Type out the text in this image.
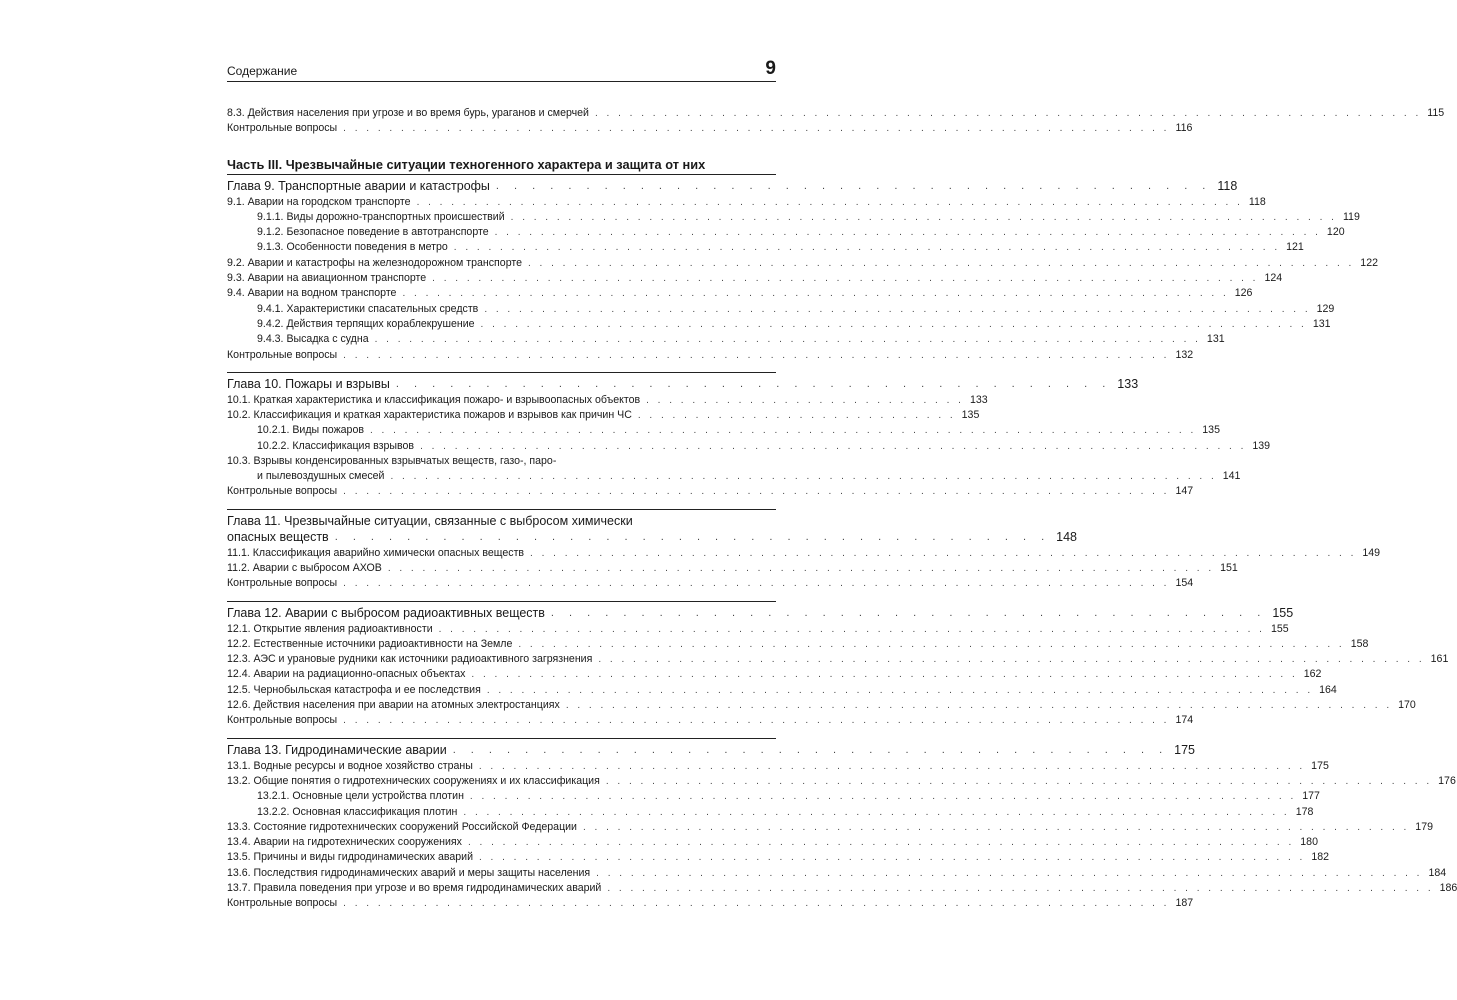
Содержание	9
8.3. Действия населения при угрозе и во время бурь, ураганов и смерчей . . . . . . . . . . . . . . . . . . . . . . . . . . . . . . . . . . . . . . . . . . . . . . . . . . . . . . . . . . . . . . . . . . . . . . . . 115
Контрольные вопросы . . . . . . . . . . . . . . . . . . . . . . . . . . . . . . . . . . . . . . . . . . . . . . . . . . . . . . . . . . . . . . . . . . . . . . . . 116
Часть III. Чрезвычайные ситуации техногенного характера и защита от них
Глава 9. Транспортные аварии и катастрофы . . . . . . . . . . . . . . . . . . . . . . . . . . . . . . . . . . . . . . . . 118
9.1. Аварии на городском транспорте . . . . . . . . . . . . . . . . . . . . . . . . . . . . . . . . . . . . . . . . . . . . . . . . . . . . . . . . . . . . . . . . . . . . . . . . 118
9.1.1. Виды дорожно-транспортных происшествий . . . . . . . . . . . . . . . . . . . . . . . . . . . . . . . . . . . . . . . . . . . . . . . . . . . . . . . . . . . . . . . . . . . . . . . . 119
9.1.2. Безопасное поведение в автотранспорте . . . . . . . . . . . . . . . . . . . . . . . . . . . . . . . . . . . . . . . . . . . . . . . . . . . . . . . . . . . . . . . . . . . . . . . . 120
9.1.3. Особенности поведения в метро . . . . . . . . . . . . . . . . . . . . . . . . . . . . . . . . . . . . . . . . . . . . . . . . . . . . . . . . . . . . . . . . . . . . . . . . 121
9.2. Аварии и катастрофы на железнодорожном транспорте . . . . . . . . . . . . . . . . . . . . . . . . . . . . . . . . . . . . . . . . . . . . . . . . . . . . . . . . . . . . . . . . . . . . . . . . 122
9.3. Аварии на авиационном транспорте . . . . . . . . . . . . . . . . . . . . . . . . . . . . . . . . . . . . . . . . . . . . . . . . . . . . . . . . . . . . . . . . . . . . . . . . 124
9.4. Аварии на водном транспорте . . . . . . . . . . . . . . . . . . . . . . . . . . . . . . . . . . . . . . . . . . . . . . . . . . . . . . . . . . . . . . . . . . . . . . . . 126
9.4.1. Характеристики спасательных средств . . . . . . . . . . . . . . . . . . . . . . . . . . . . . . . . . . . . . . . . . . . . . . . . . . . . . . . . . . . . . . . . . . . . . . . . 129
9.4.2. Действия терпящих кораблекрушение . . . . . . . . . . . . . . . . . . . . . . . . . . . . . . . . . . . . . . . . . . . . . . . . . . . . . . . . . . . . . . . . . . . . . . . . 131
9.4.3. Высадка с судна . . . . . . . . . . . . . . . . . . . . . . . . . . . . . . . . . . . . . . . . . . . . . . . . . . . . . . . . . . . . . . . . . . . . . . . . 131
Контрольные вопросы . . . . . . . . . . . . . . . . . . . . . . . . . . . . . . . . . . . . . . . . . . . . . . . . . . . . . . . . . . . . . . . . . . . . . . . . 132
Глава 10. Пожары и взрывы . . . . . . . . . . . . . . . . . . . . . . . . . . . . . . . . . . . . . . . . 133
10.1. Краткая характеристика и классификация пожаро- и взрывоопасных объектов . . . . . . . . . . . . . . . . . . . . . . . . . . . . 133
10.2. Классификация и краткая характеристика пожаров и взрывов как причин ЧС . . . . . . . . . . . . . . . . . . . . . . . . . . . . 135
10.2.1. Виды пожаров . . . . . . . . . . . . . . . . . . . . . . . . . . . . . . . . . . . . . . . . . . . . . . . . . . . . . . . . . . . . . . . . . . . . . . . . 135
10.2.2. Классификация взрывов . . . . . . . . . . . . . . . . . . . . . . . . . . . . . . . . . . . . . . . . . . . . . . . . . . . . . . . . . . . . . . . . . . . . . . . . 139
10.3. Взрывы конденсированных взрывчатых веществ, газо-, паро-
и пылевоздушных смесей . . . . . . . . . . . . . . . . . . . . . . . . . . . . . . . . . . . . . . . . . . . . . . . . . . . . . . . . . . . . . . . . . . . . . . . . 141
Контрольные вопросы . . . . . . . . . . . . . . . . . . . . . . . . . . . . . . . . . . . . . . . . . . . . . . . . . . . . . . . . . . . . . . . . . . . . . . . . 147
Глава 11. Чрезвычайные ситуации, связанные с выбросом химически
опасных веществ . . . . . . . . . . . . . . . . . . . . . . . . . . . . . . . . . . . . . . . . 148
11.1. Классификация аварийно химически опасных веществ . . . . . . . . . . . . . . . . . . . . . . . . . . . . . . . . . . . . . . . . . . . . . . . . . . . . . . . . . . . . . . . . . . . . . . . . 149
11.2. Аварии с выбросом АХОВ . . . . . . . . . . . . . . . . . . . . . . . . . . . . . . . . . . . . . . . . . . . . . . . . . . . . . . . . . . . . . . . . . . . . . . . . 151
Контрольные вопросы . . . . . . . . . . . . . . . . . . . . . . . . . . . . . . . . . . . . . . . . . . . . . . . . . . . . . . . . . . . . . . . . . . . . . . . . 154
Глава 12. Аварии с выбросом радиоактивных веществ . . . . . . . . . . . . . . . . . . . . . . . . . . . . . . . . . . . . . . . . 155
12.1. Открытие явления радиоактивности . . . . . . . . . . . . . . . . . . . . . . . . . . . . . . . . . . . . . . . . . . . . . . . . . . . . . . . . . . . . . . . . . . . . . . . . 155
12.2. Естественные источники радиоактивности на Земле . . . . . . . . . . . . . . . . . . . . . . . . . . . . . . . . . . . . . . . . . . . . . . . . . . . . . . . . . . . . . . . . . . . . . . . . 158
12.3. АЭС и урановые рудники как источники радиоактивного загрязнения . . . . . . . . . . . . . . . . . . . . . . . . . . . . . . . . . . . . . . . . . . . . . . . . . . . . . . . . . . . . . . . . . . . . . . . . 161
12.4. Аварии на радиационно-опасных объектах . . . . . . . . . . . . . . . . . . . . . . . . . . . . . . . . . . . . . . . . . . . . . . . . . . . . . . . . . . . . . . . . . . . . . . . . 162
12.5. Чернобыльская катастрофа и ее последствия . . . . . . . . . . . . . . . . . . . . . . . . . . . . . . . . . . . . . . . . . . . . . . . . . . . . . . . . . . . . . . . . . . . . . . . . 164
12.6. Действия населения при аварии на атомных электростанциях . . . . . . . . . . . . . . . . . . . . . . . . . . . . . . . . . . . . . . . . . . . . . . . . . . . . . . . . . . . . . . . . . . . . . . . . 170
Контрольные вопросы . . . . . . . . . . . . . . . . . . . . . . . . . . . . . . . . . . . . . . . . . . . . . . . . . . . . . . . . . . . . . . . . . . . . . . . . 174
Глава 13. Гидродинамические аварии . . . . . . . . . . . . . . . . . . . . . . . . . . . . . . . . . . . . . . . . 175
13.1. Водные ресурсы и водное хозяйство страны . . . . . . . . . . . . . . . . . . . . . . . . . . . . . . . . . . . . . . . . . . . . . . . . . . . . . . . . . . . . . . . . . . . . . . . . 175
13.2. Общие понятия о гидротехнических сооружениях и их классификация . . . . . . . . . . . . . . . . . . . . . . . . . . . . . . . . . . . . . . . . . . . . . . . . . . . . . . . . . . . . . . . . . . . . . . . . 176
13.2.1. Основные цели устройства плотин . . . . . . . . . . . . . . . . . . . . . . . . . . . . . . . . . . . . . . . . . . . . . . . . . . . . . . . . . . . . . . . . . . . . . . . . 177
13.2.2. Основная классификация плотин . . . . . . . . . . . . . . . . . . . . . . . . . . . . . . . . . . . . . . . . . . . . . . . . . . . . . . . . . . . . . . . . . . . . . . . . 178
13.3. Состояние гидротехнических сооружений Российской Федерации . . . . . . . . . . . . . . . . . . . . . . . . . . . . . . . . . . . . . . . . . . . . . . . . . . . . . . . . . . . . . . . . . . . . . . . . 179
13.4. Аварии на гидротехнических сооружениях . . . . . . . . . . . . . . . . . . . . . . . . . . . . . . . . . . . . . . . . . . . . . . . . . . . . . . . . . . . . . . . . . . . . . . . . 180
13.5. Причины и виды гидродинамических аварий . . . . . . . . . . . . . . . . . . . . . . . . . . . . . . . . . . . . . . . . . . . . . . . . . . . . . . . . . . . . . . . . . . . . . . . . 182
13.6. Последствия гидродинамических аварий и меры защиты населения . . . . . . . . . . . . . . . . . . . . . . . . . . . . . . . . . . . . . . . . . . . . . . . . . . . . . . . . . . . . . . . . . . . . . . . . 184
13.7. Правила поведения при угрозе и во время гидродинамических аварий . . . . . . . . . . . . . . . . . . . . . . . . . . . . . . . . . . . . . . . . . . . . . . . . . . . . . . . . . . . . . . . . . . . . . . . . 186
Контрольные вопросы . . . . . . . . . . . . . . . . . . . . . . . . . . . . . . . . . . . . . . . . . . . . . . . . . . . . . . . . . . . . . . . . . . . . . . . . 187
